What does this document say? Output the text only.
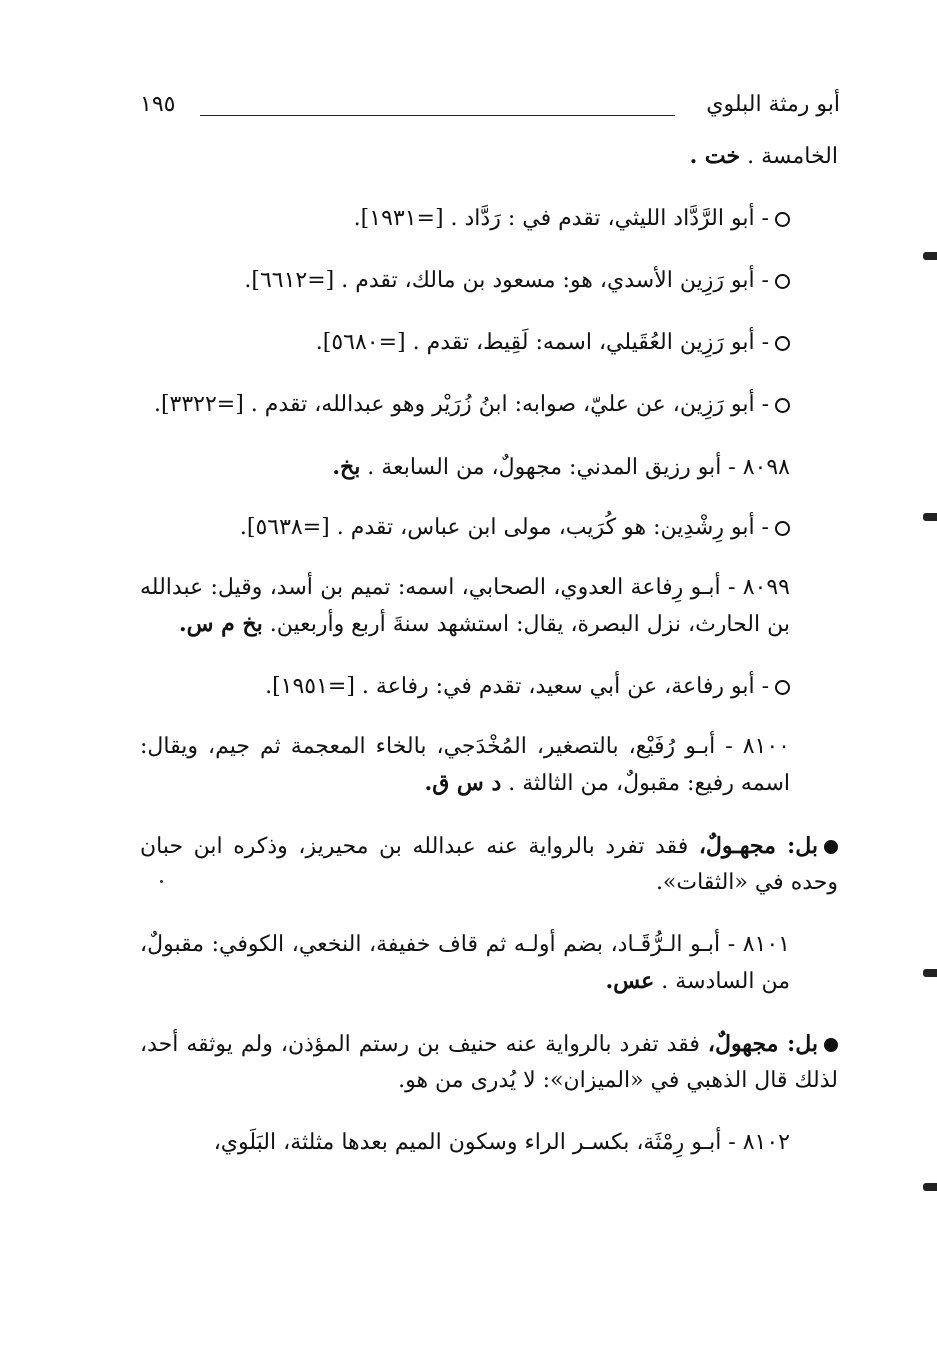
أبو رمثة البلوي
١٩٥

الخامسة . خت .

- أبو الرَّدَّاد الليثي، تقدم في : رَدَّاد . [=١٩٣١].

- أبو رَزِين الأسدي، هو: مسعود بن مالك، تقدم . [=٦٦١٢].

- أبو رَزِين العُقَيلي، اسمه: لَقِيط، تقدم . [=٥٦٨٠].

- أبو رَزِين، عن عليّ، صوابه: ابنُ زُرَيْر وهو عبدالله، تقدم . [=٣٣٢٢].

٨٠٩٨ - أبو رزيق المدني: مجهولٌ، من السابعة . بخ.

- أبو رِشْدِين: هو كُرَيب، مولى ابن عباس، تقدم . [=٥٦٣٨].

٨٠٩٩ - أبـو رِفاعة العدوي، الصحابي، اسمه: تميم بن أسد، وقيل: عبدالله بن الحارث، نزل البصرة، يقال: استشهد سنةَ أربع وأربعين. بخ م س.

- أبو رفاعة، عن أبي سعيد، تقدم في: رفاعة . [=١٩٥١].

٨١٠٠ - أبـو رُفَيْع، بالتصغير، المُخْدَجي، بالخاء المعجمة ثم جيم، ويقال: اسمه رفيع: مقبولٌ، من الثالثة . د س ق.

بل: مجهـولٌ، فقد تفرد بالرواية عنه عبدالله بن محيريز، وذكره ابن حبان وحده في «الثقات».

٨١٠١ - أبـو الـرُّقَـاد، بضم أولـه ثم قاف خفيفة، النخعي، الكوفي: مقبولٌ، من السادسة . عس.

بل: مجهولٌ، فقد تفرد بالرواية عنه حنيف بن رستم المؤذن، ولم يوثقه أحد، لذلك قال الذهبي في «الميزان»: لا يُدرى من هو.

٨١٠٢ - أبـو رِمْثَة، بكسـر الراء وسكون الميم بعدها مثلثة، البَلَوي،
